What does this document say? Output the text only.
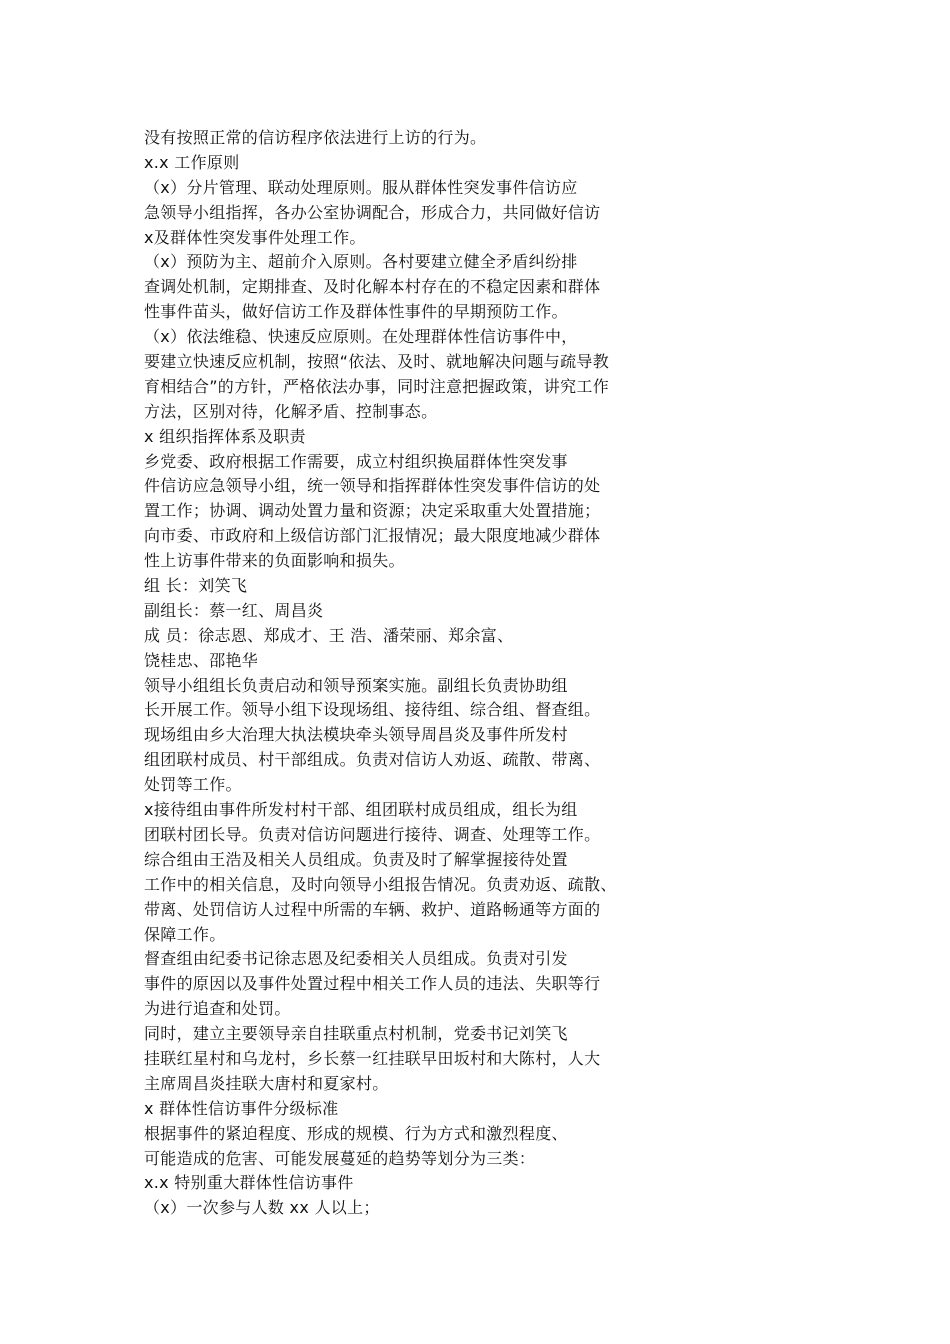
没有按照正常的信访程序依法进行上访的行为。
x.x 工作原则
（x）分片管理、联动处理原则。服从群体性突发事件信访应
急领导小组指挥，各办公室协调配合，形成合力，共同做好信访
x及群体性突发事件处理工作。
（x）预防为主、超前介入原则。各村要建立健全矛盾纠纷排
查调处机制，定期排查、及时化解本村存在的不稳定因素和群体
性事件苗头，做好信访工作及群体性事件的早期预防工作。
（x）依法维稳、快速反应原则。在处理群体性信访事件中，
要建立快速反应机制，按照“依法、及时、就地解决问题与疏导教
育相结合”的方针，严格依法办事，同时注意把握政策，讲究工作
方法，区别对待，化解矛盾、控制事态。
x 组织指挥体系及职责
乡党委、政府根据工作需要，成立村组织换届群体性突发事
件信访应急领导小组，统一领导和指挥群体性突发事件信访的处
置工作；协调、调动处置力量和资源；决定采取重大处置措施；
向市委、市政府和上级信访部门汇报情况；最大限度地减少群体
性上访事件带来的负面影响和损失。
组 长：刘笑飞
副组长：蔡一红、周昌炎
成 员：徐志恩、郑成才、王 浩、潘荣丽、郑余富、
饶桂忠、邵艳华
领导小组组长负责启动和领导预案实施。副组长负责协助组
长开展工作。领导小组下设现场组、接待组、综合组、督查组。
现场组由乡大治理大执法模块牵头领导周昌炎及事件所发村
组团联村成员、村干部组成。负责对信访人劝返、疏散、带离、
处罚等工作。
x接待组由事件所发村村干部、组团联村成员组成，组长为组
团联村团长导。负责对信访问题进行接待、调查、处理等工作。
综合组由王浩及相关人员组成。负责及时了解掌握接待处置
工作中的相关信息，及时向领导小组报告情况。负责劝返、疏散、
带离、处罚信访人过程中所需的车辆、救护、道路畅通等方面的
保障工作。
督查组由纪委书记徐志恩及纪委相关人员组成。负责对引发
事件的原因以及事件处置过程中相关工作人员的违法、失职等行
为进行追查和处罚。
同时，建立主要领导亲自挂联重点村机制，党委书记刘笑飞
挂联红星村和乌龙村，乡长蔡一红挂联早田坂村和大陈村，人大
主席周昌炎挂联大唐村和夏家村。
x 群体性信访事件分级标准
根据事件的紧迫程度、形成的规模、行为方式和激烈程度、
可能造成的危害、可能发展蔓延的趋势等划分为三类：
x.x 特别重大群体性信访事件
（x）一次参与人数 xx 人以上；
